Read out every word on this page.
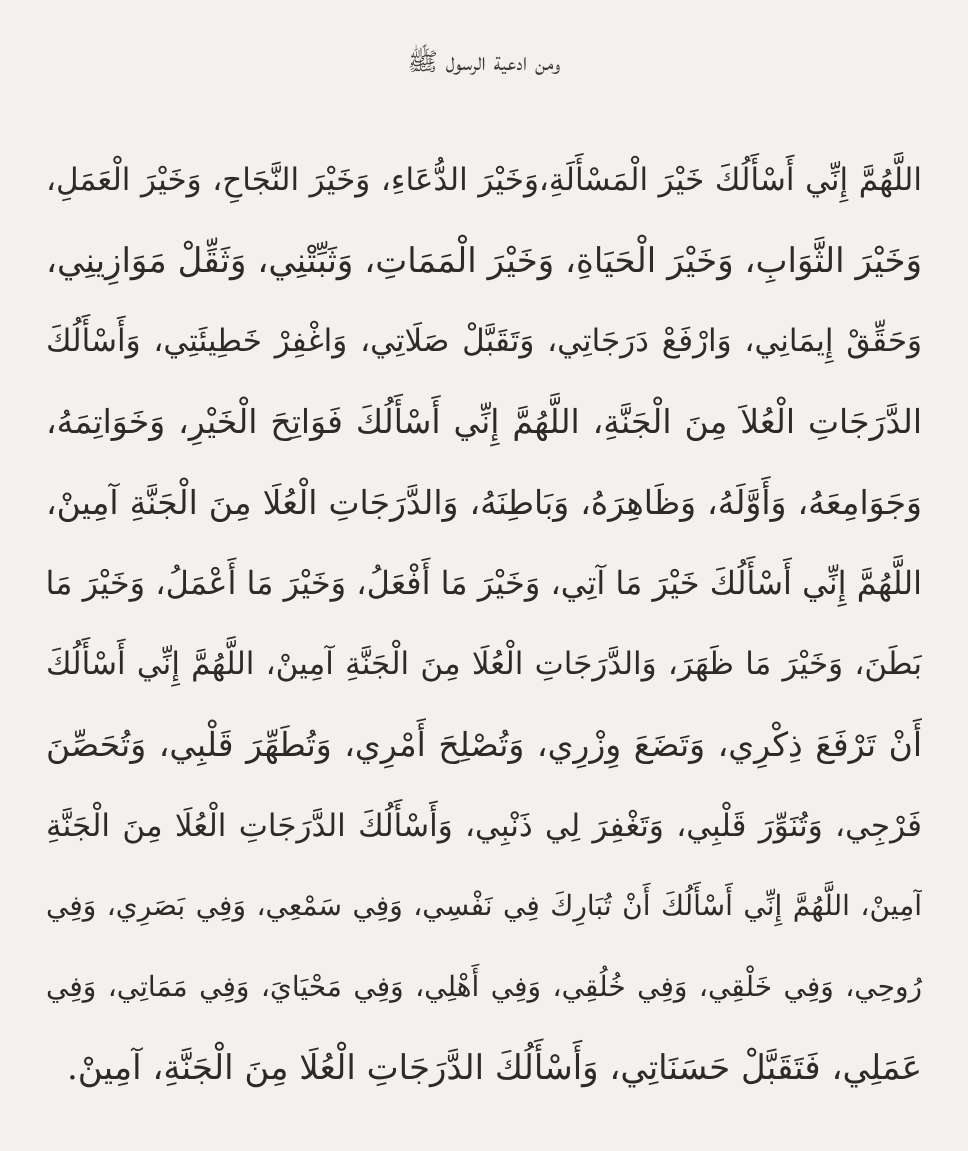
ومن ادعية الرسول ﷺ
اللَّهُمَّ إِنِّي أَسْأَلُكَ خَيْرَ الْمَسْأَلَةِ،وَخَيْرَ الدُّعَاءِ، وَخَيْرَ النَّجَاحِ، وَخَيْرَ الْعَمَلِ،
وَخَيْرَ الثَّوَابِ، وَخَيْرَ الْحَيَاةِ، وَخَيْرَ الْمَمَاتِ، وَثَبِّتْنِي، وَثَقِّلْ مَوَازِينِي،
وَحَقِّقْ إِيمَانِي، وَارْفَعْ دَرَجَاتِي، وَتَقَبَّلْ صَلَاتِي، وَاغْفِرْ خَطِيئَتِي، وَأَسْأَلُكَ
الدَّرَجَاتِ الْعُلاَ مِنَ الْجَنَّةِ، اللَّهُمَّ إِنِّي أَسْأَلُكَ فَوَاتِحَ الْخَيْرِ، وَخَوَاتِمَهُ،
وَجَوَامِعَهُ، وَأَوَّلَهُ، وَظَاهِرَهُ، وَبَاطِنَهُ، وَالدَّرَجَاتِ الْعُلَا مِنَ الْجَنَّةِ آمِينْ،
اللَّهُمَّ إِنِّي أَسْأَلُكَ خَيْرَ مَا آتِي، وَخَيْرَ مَا أَفْعَلُ، وَخَيْرَ مَا أَعْمَلُ، وَخَيْرَ مَا
بَطَنَ، وَخَيْرَ مَا ظَهَرَ، وَالدَّرَجَاتِ الْعُلَا مِنَ الْجَنَّةِ آمِينْ، اللَّهُمَّ إِنِّي أَسْأَلُكَ
أَنْ تَرْفَعَ ذِكْرِي، وَتَضَعَ وِزْرِي، وَتُصْلِحَ أَمْرِي، وَتُطَهِّرَ قَلْبِي، وَتُحَصِّنَ
فَرْجِي، وَتُنَوِّرَ قَلْبِي، وَتَغْفِرَ لِي ذَنْبِي، وَأَسْأَلُكَ الدَّرَجَاتِ الْعُلَا مِنَ الْجَنَّةِ
آمِينْ، اللَّهُمَّ إِنِّي أَسْأَلُكَ أَنْ تُبَارِكَ فِي نَفْسِي، وَفِي سَمْعِي، وَفِي بَصَرِي، وَفِي
رُوحِي، وَفِي خَلْقِي، وَفِي خُلُقِي، وَفِي أَهْلِي، وَفِي مَحْيَايَ، وَفِي مَمَاتِي، وَفِي
عَمَلِي، فَتَقَبَّلْ حَسَنَاتِي، وَأَسْأَلُكَ الدَّرَجَاتِ الْعُلَا مِنَ الْجَنَّةِ، آمِينْ.
